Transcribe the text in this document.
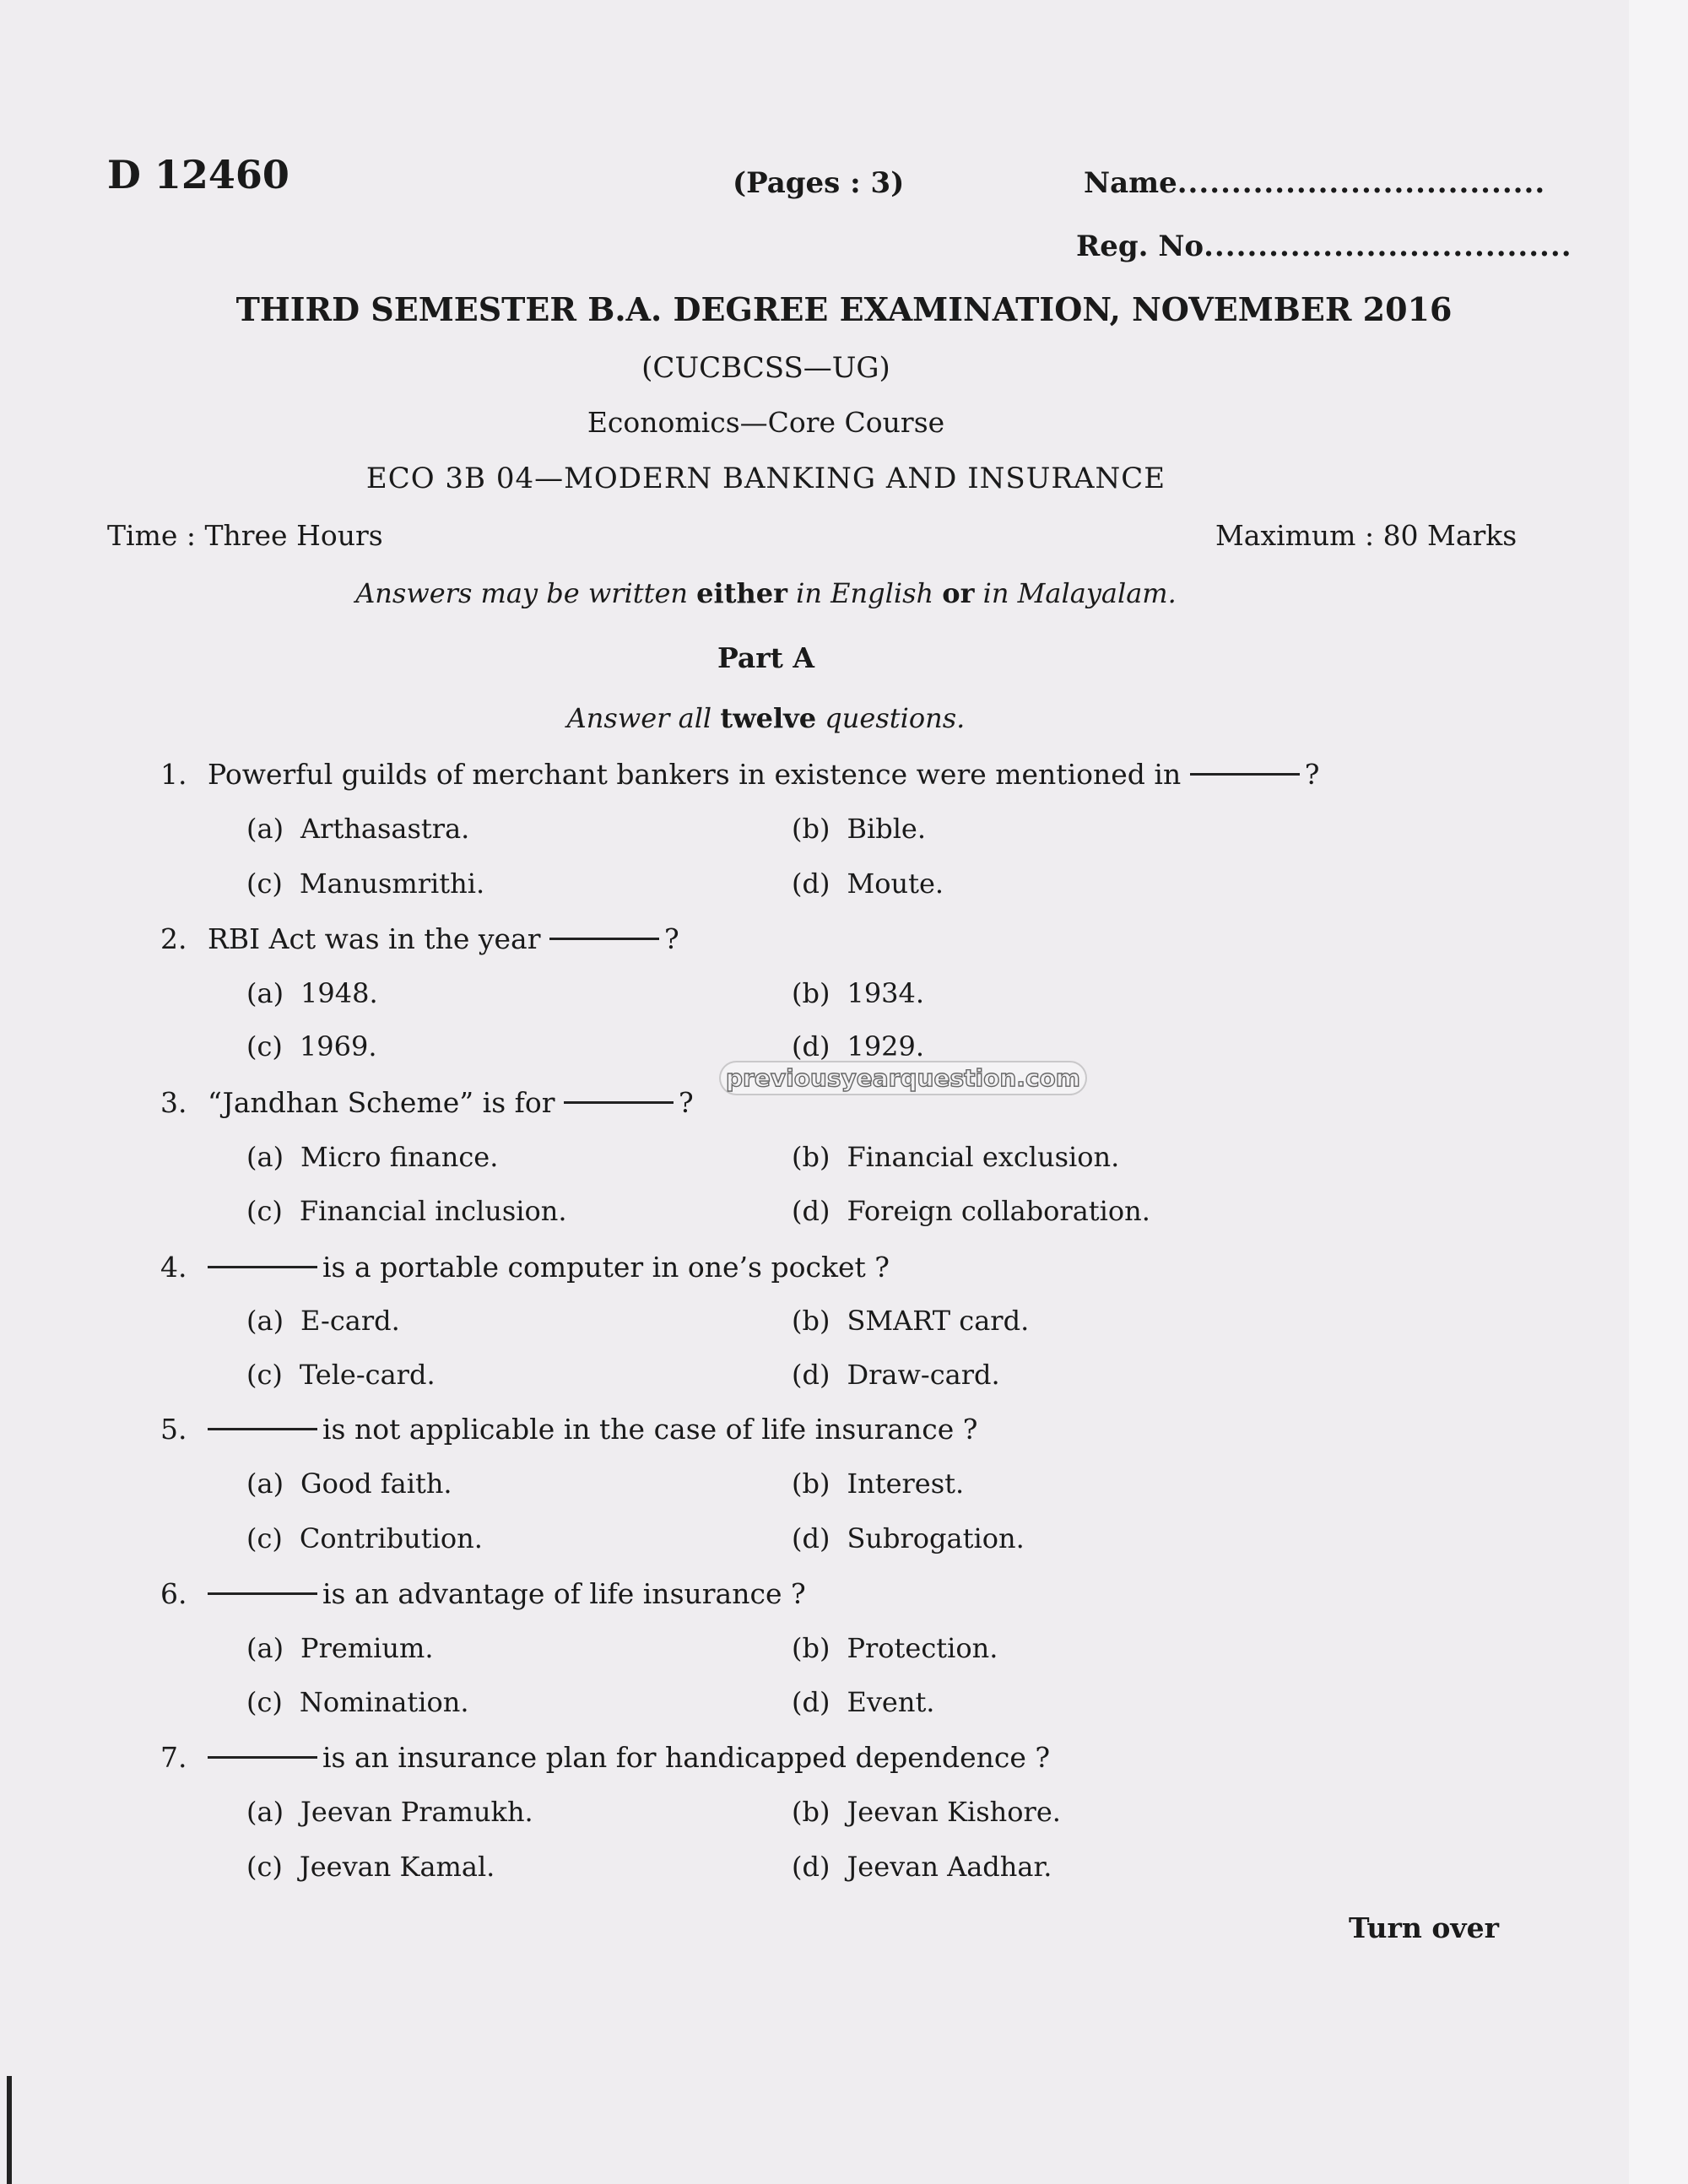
D 12460	(Pages : 3)	Name..................................
Reg. No..................................
THIRD SEMESTER B.A. DEGREE EXAMINATION, NOVEMBER 2016
(CUCBCSS—UG)
Economics—Core Course
ECO 3B 04—MODERN BANKING AND INSURANCE
Time : Three Hours	Maximum : 80 Marks
Answers may be written either in English or in Malayalam.
Part A
Answer all twelve questions.
1. Powerful guilds of merchant bankers in existence were mentioned in	?
(a) Arthasastra.	(b) Bible.
(c) Manusmrithi.	(d) Moute.
2. RBI Act was in the year	?
(a) 1948.	(b) 1934.
(c) 1969.	(d) 1929.
previousyearquestion.com
3. “Jandhan Scheme” is for	?
(a) Micro finance.	(b) Financial exclusion.
(c) Financial inclusion.	(d) Foreign collaboration.
4.	is a portable computer in one’s pocket ?
(a) E-card.	(b) SMART card.
(c) Tele-card.	(d) Draw-card.
5.	is not applicable in the case of life insurance ?
(a) Good faith.	(b) Interest.
(c) Contribution.	(d) Subrogation.
6.	is an advantage of life insurance ?
(a) Premium.	(b) Protection.
(c) Nomination.	(d) Event.
7.	is an insurance plan for handicapped dependence ?
(a) Jeevan Pramukh.	(b) Jeevan Kishore.
(c) Jeevan Kamal.	(d) Jeevan Aadhar.
Turn over
